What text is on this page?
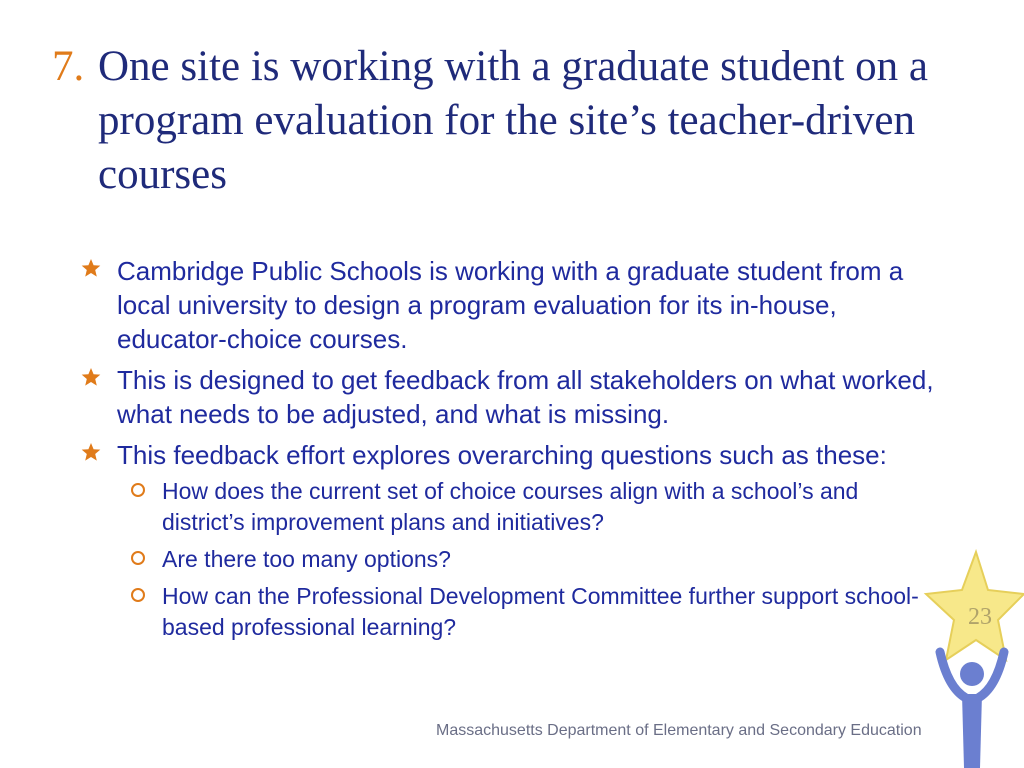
7. One site is working with a graduate student on a program evaluation for the site’s teacher-driven courses
Cambridge Public Schools is working with a graduate student from a local university to design a program evaluation for its in-house, educator-choice courses.
This is designed to get feedback from all stakeholders on what worked, what needs to be adjusted, and what is missing.
This feedback effort explores overarching questions such as these:
How does the current set of choice courses align with a school’s and district’s improvement plans and initiatives?
Are there too many options?
How can the Professional Development Committee further support school-based professional learning?	23
Massachusetts Department of Elementary and Secondary Education
